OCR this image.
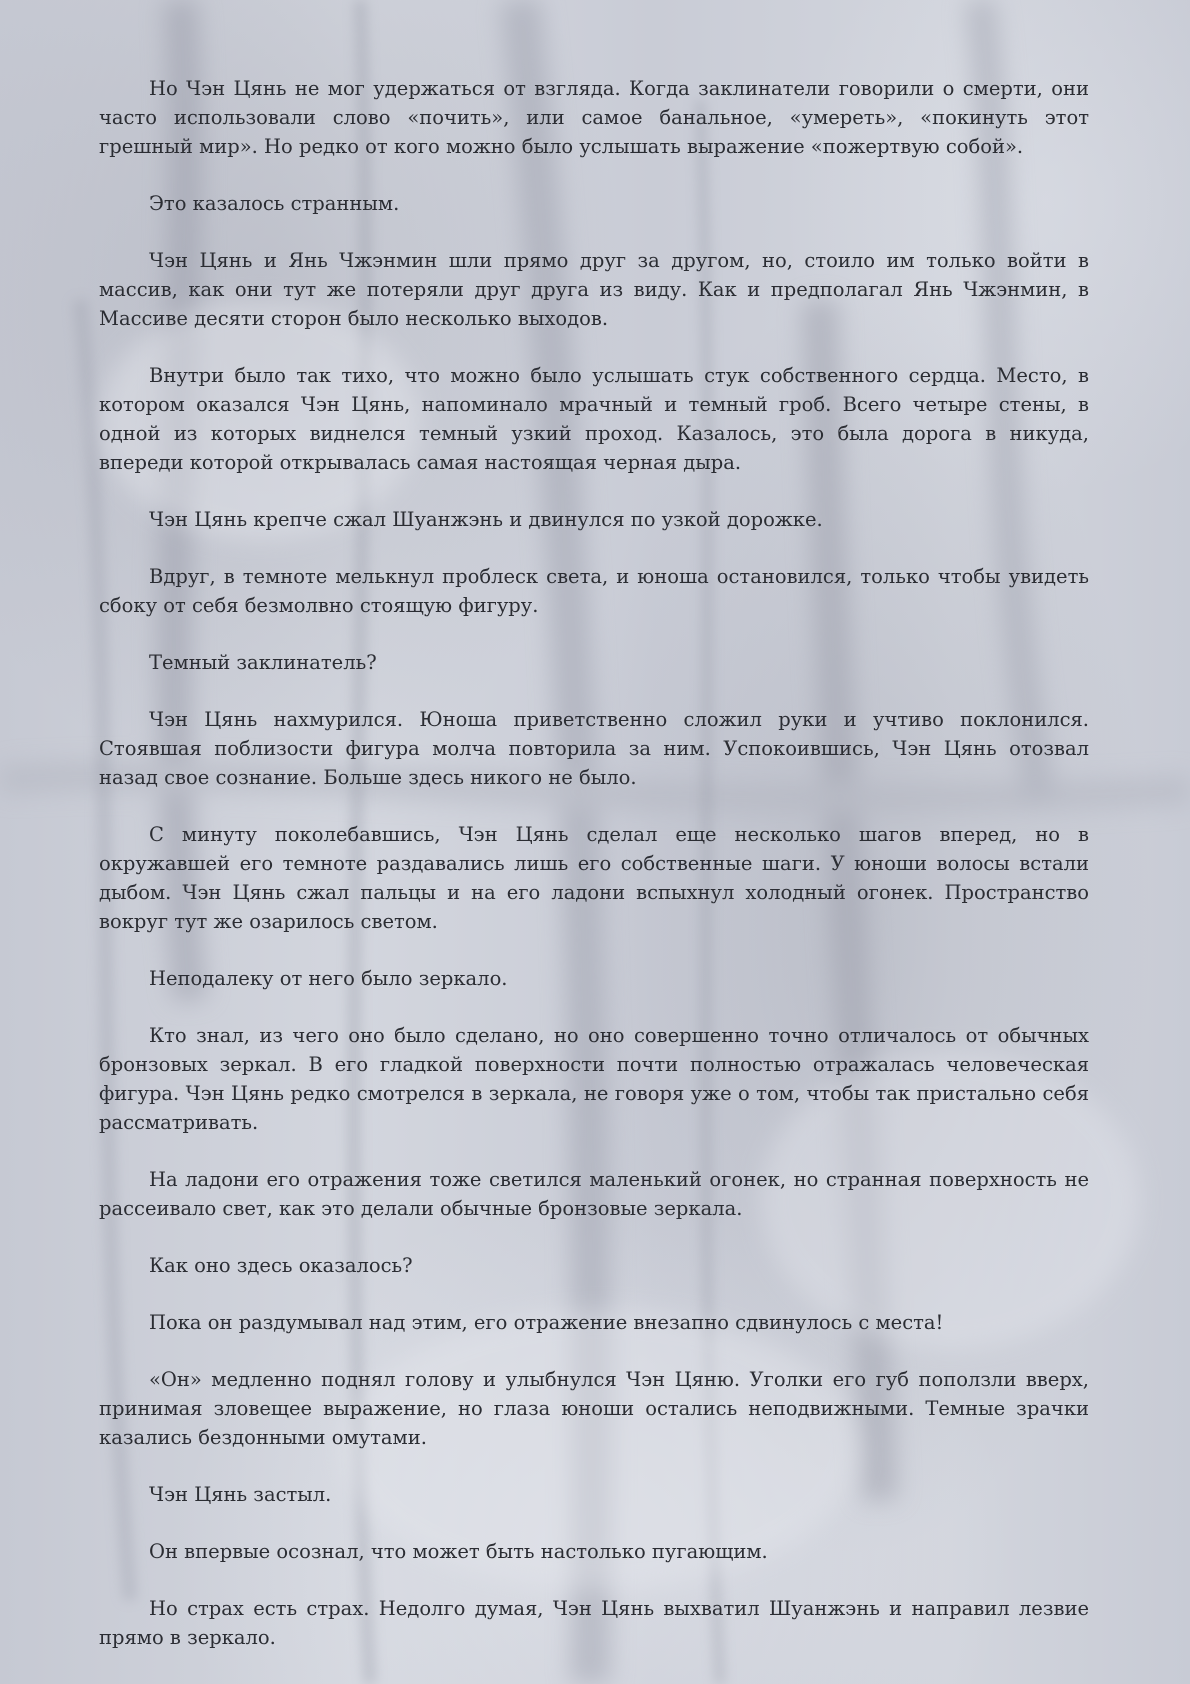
Но Чэн Цянь не мог удержаться от взгляда. Когда заклинатели говорили о смерти, они часто использовали слово «почить», или самое банальное, «умереть», «покинуть этот грешный мир». Но редко от кого можно было услышать выражение «пожертвую собой».

Это казалось странным.

Чэн Цянь и Янь Чжэнмин шли прямо друг за другом, но, стоило им только войти в массив, как они тут же потеряли друг друга из виду. Как и предполагал Янь Чжэнмин, в Массиве десяти сторон было несколько выходов.

Внутри было так тихо, что можно было услышать стук собственного сердца. Место, в котором оказался Чэн Цянь, напоминало мрачный и темный гроб. Всего четыре стены, в одной из которых виднелся темный узкий проход. Казалось, это была дорога в никуда, впереди которой открывалась самая настоящая черная дыра.

Чэн Цянь крепче сжал Шуанжэнь и двинулся по узкой дорожке.

Вдруг, в темноте мелькнул проблеск света, и юноша остановился, только чтобы увидеть сбоку от себя безмолвно стоящую фигуру.

Темный заклинатель?

Чэн Цянь нахмурился. Юноша приветственно сложил руки и учтиво поклонился. Стоявшая поблизости фигура молча повторила за ним. Успокоившись, Чэн Цянь отозвал назад свое сознание. Больше здесь никого не было.

С минуту поколебавшись, Чэн Цянь сделал еще несколько шагов вперед, но в окружавшей его темноте раздавались лишь его собственные шаги. У юноши волосы встали дыбом. Чэн Цянь сжал пальцы и на его ладони вспыхнул холодный огонек. Пространство вокруг тут же озарилось светом.

Неподалеку от него было зеркало.

Кто знал, из чего оно было сделано, но оно совершенно точно отличалось от обычных бронзовых зеркал. В его гладкой поверхности почти полностью отражалась человеческая фигура. Чэн Цянь редко смотрелся в зеркала, не говоря уже о том, чтобы так пристально себя рассматривать.

На ладони его отражения тоже светился маленький огонек, но странная поверхность не рассеивало свет, как это делали обычные бронзовые зеркала.

Как оно здесь оказалось?

Пока он раздумывал над этим, его отражение внезапно сдвинулось с места!

«Он» медленно поднял голову и улыбнулся Чэн Цяню. Уголки его губ поползли вверх, принимая зловещее выражение, но глаза юноши остались неподвижными. Темные зрачки казались бездонными омутами.

Чэн Цянь застыл.

Он впервые осознал, что может быть настолько пугающим.

Но страх есть страх. Недолго думая, Чэн Цянь выхватил Шуанжэнь и направил лезвие прямо в зеркало.
